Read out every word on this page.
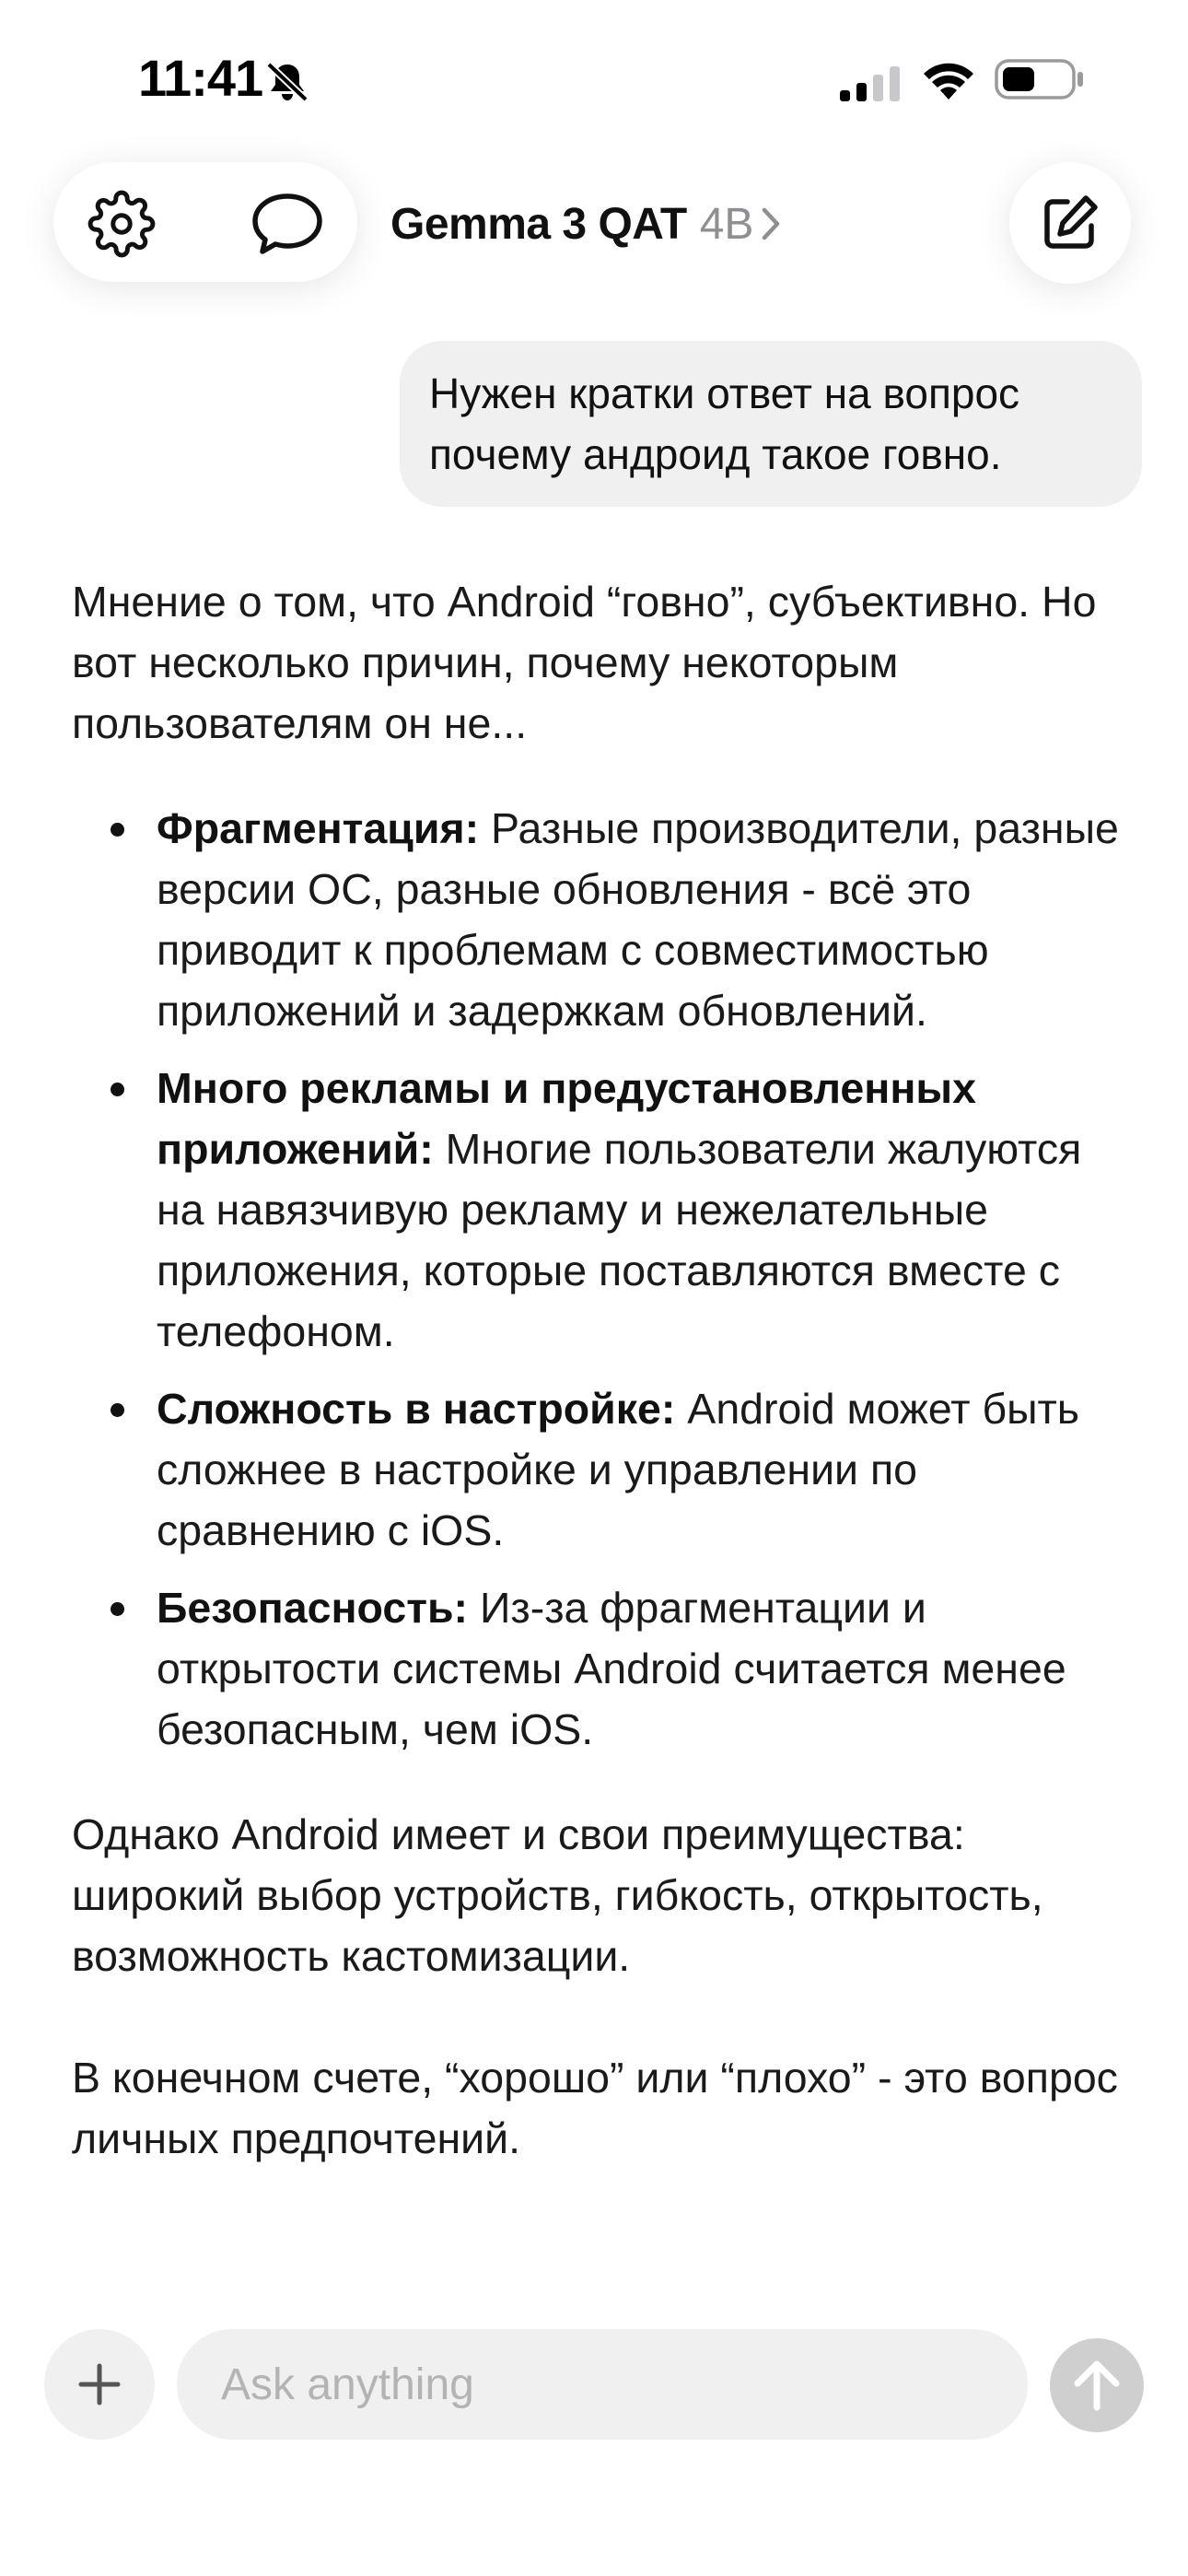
11:41
Gemma 3 QAT 4B
Нужен кратки ответ на вопрос почему андроид такое говно.

Мнение о том, что Android “говно”, субъективно. Но вот несколько причин, почему некоторым пользователям он не...

Фрагментация: Разные производители, разные версии ОС, разные обновления - всё это приводит к проблемам с совместимостью приложений и задержкам обновлений.
Много рекламы и предустановленных приложений: Многие пользователи жалуются на навязчивую рекламу и нежелательные приложения, которые поставляются вместе с телефоном.
Сложность в настройке: Android может быть сложнее в настройке и управлении по сравнению с iOS.
Безопасность: Из-за фрагментации и открытости системы Android считается менее безопасным, чем iOS.

Однако Android имеет и свои преимущества: широкий выбор устройств, гибкость, открытость, возможность кастомизации.

В конечном счете, “хорошо” или “плохо” - это вопрос личных предпочтений.

Ask anything
